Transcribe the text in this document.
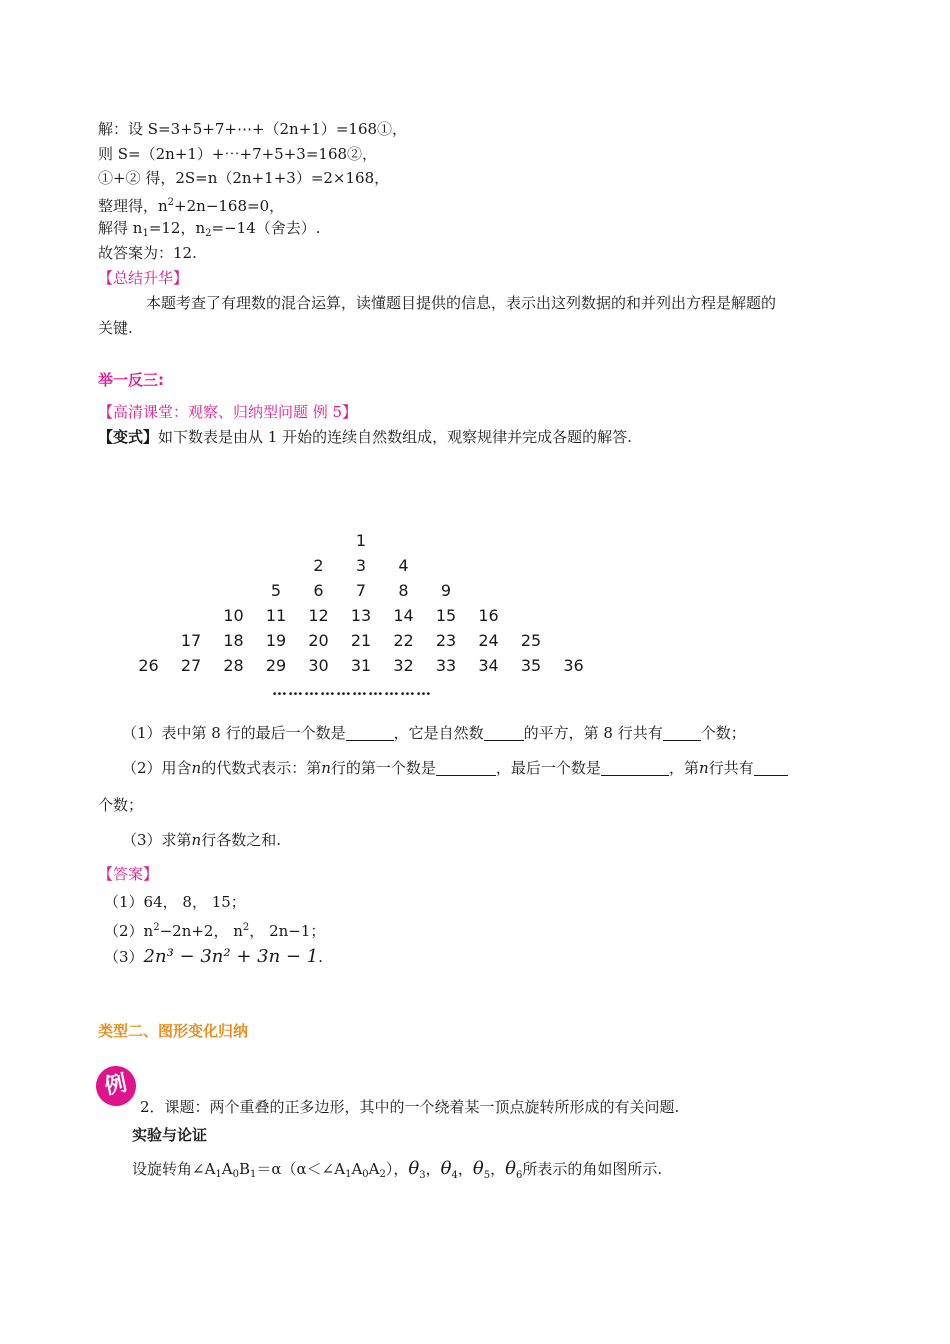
解：设 S=3+5+7+⋯+（2n+1）=168①，
则 S=（2n+1）+⋯+7+5+3=168②，
①+② 得，2S=n（2n+1+3）=2×168，
整理得，$n^2+2n-168=0$，
解得 $n_1=12$，$n_2=-14$（舍去）.
故答案为：12.
【总结升华】
本题考查了有理数的混合运算，读懂题目提供的信息，表示出这列数据的和并列出方程是解题的
关键.
举一反三:
【高清课堂：观察、归纳型问题 例 5】
【变式】如下数表是由从 1 开始的连续自然数组成，观察规律并完成各题的解答.
1
2	3	4
5	6	7	8	9
10	11	12	13	14	15	16
17	18	19	20	21	22	23	24	25
26	27	28	29	30	31	32	33	34	35	36
…………………………
（1）表中第 8 行的最后一个数是	，它是自然数	的平方，第 8 行共有	个数；
（2）用含n的代数式表示：第n行的第一个数是	，最后一个数是	，第n行共有
个数；
（3）求第n行各数之和.
【答案】
（1）64， 8， 15；
$(2)n^2-2n+2$， $n^2$， 2n−1；
（3）2n³ − 3n² + 3n − 1.
类型二、图形变化归纳
例
2．课题：两个重叠的正多边形，其中的一个绕着某一顶点旋转所形成的有关问题.
实验与论证
设旋转角$\angle A_1A_0B_1=\alpha(\alpha<\angle A_1A_0A_2)$，$\theta_3$，$\theta_4$，$\theta_5$，$\theta_6$所表示的角如图所示.
